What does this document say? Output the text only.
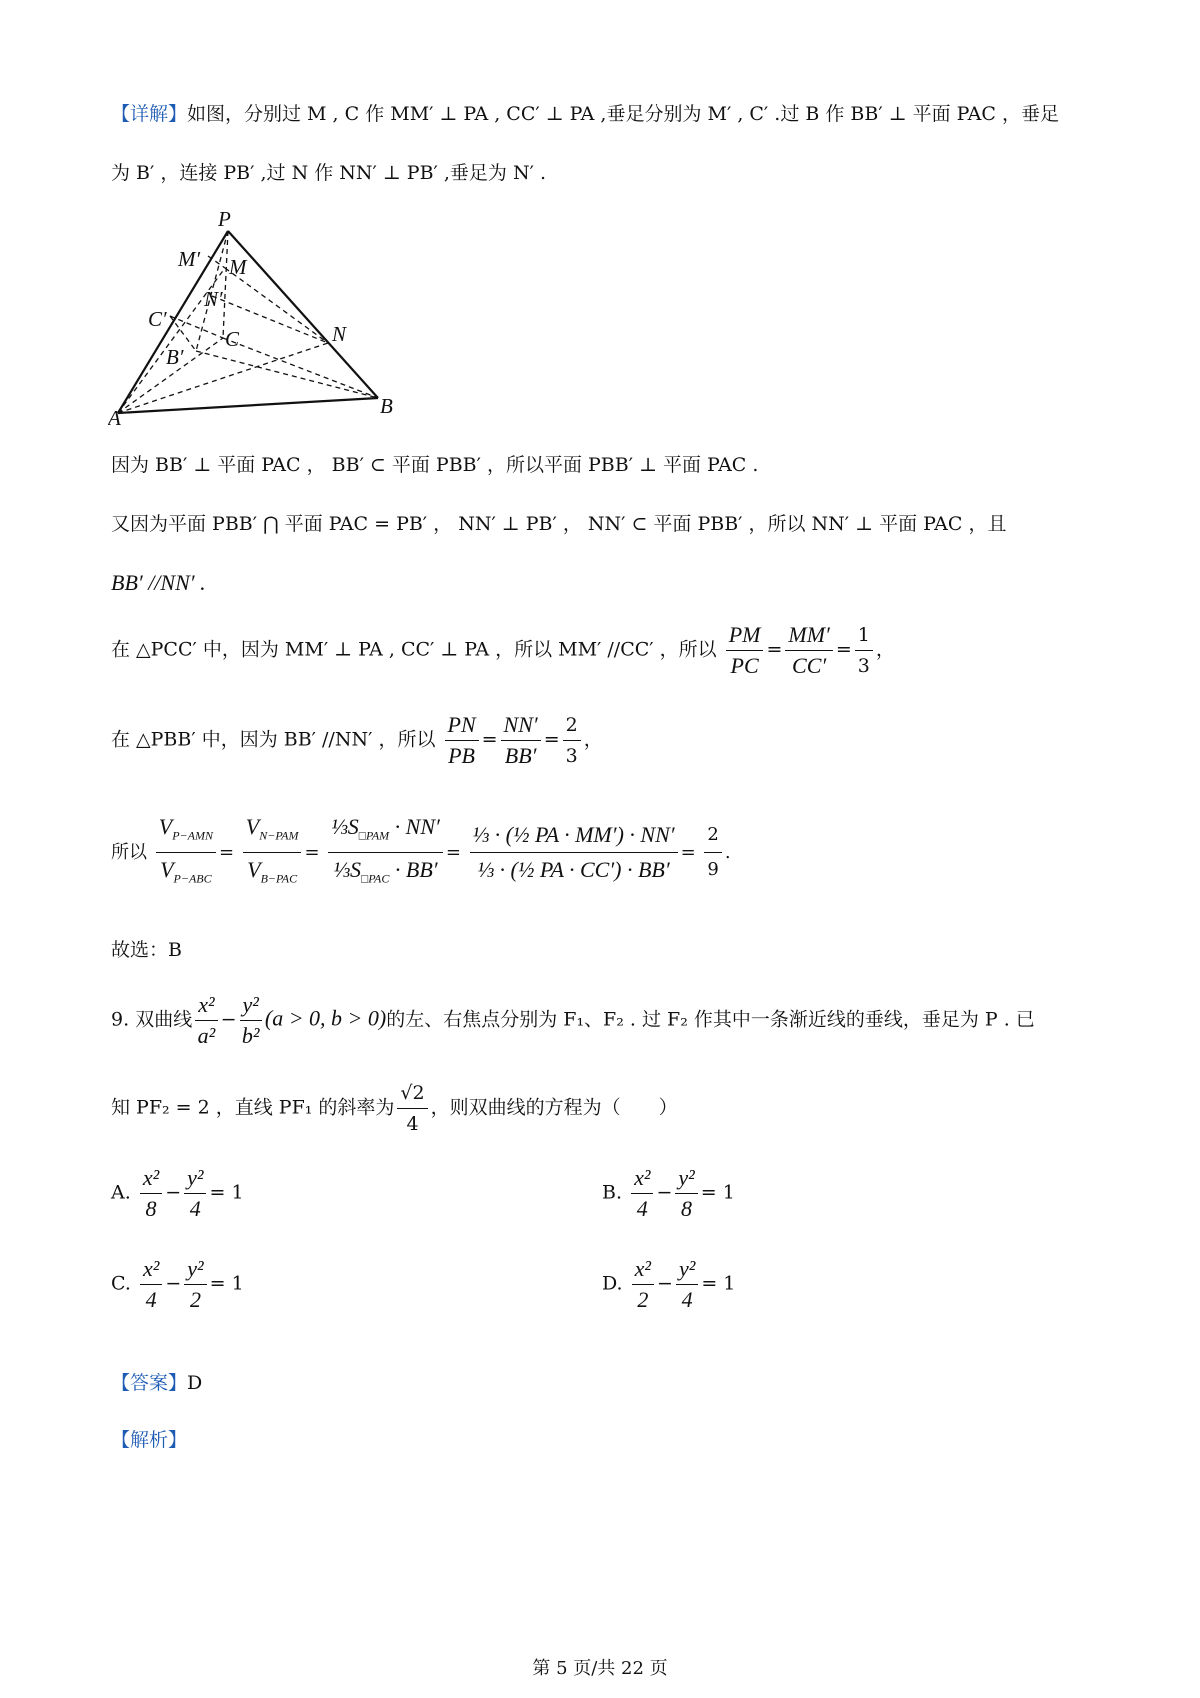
【详解】如图，分别过 M , C 作 MM′ ⊥ PA , CC′ ⊥ PA ,垂足分别为 M′ , C′ .过 B 作 BB′ ⊥ 平面 PAC ，垂足
为 B′ ，连接 PB′ ,过 N 作 NN′ ⊥ PB′ ,垂足为 N′ .
P
M′ M
N′
C′
C	N
B′
A	B
因为 BB′ ⊥ 平面 PAC ， BB′ ⊂ 平面 PBB′ ，所以平面 PBB′ ⊥ 平面 PAC .
又因为平面 PBB′ ⋂ 平面 PAC = PB′ ， NN′ ⊥ PB′ ， NN′ ⊂ 平面 PBB′ ，所以 NN′ ⊥ 平面 PAC ，且
BB′ //NN′ .
在 △PCC′ 中，因为 MM′ ⊥ PA , CC′ ⊥ PA ，所以 MM′ //CC′ ，所以 $\frac{PM}{PC} = \frac{MM'}{CC'} = \frac{1}{3}$ ，
在 △PBB′ 中，因为 BB′ //NN′ ，所以 $\frac{PN}{PB} = \frac{NN'}{BB'} = \frac{2}{3}$ ，
所以 $\frac{V_{P-AMN}}{V_{P-ABC}} = \frac{V_{N-PAM}}{V_{B-PAC}} = \frac{\frac{1}{3}S_{□PAM} \cdot NN'}{\frac{1}{3}S_{□PAC} \cdot BB'} = \frac{\text{⅓ · (½ PA · MM′) · NN′}}{\text{⅓ · (½ PA · CC′) · BB′}} = \frac{2}{9}$ .
故选：B
9. 双曲线 $\frac{\text{x²}}{\text{a²}} - \frac{\text{y²}}{\text{b²}} (a > 0$, b > 0)的左、右焦点分别为 F₁、F₂ . 过 F₂ 作其中一条渐近线的垂线，垂足为 P . 已
知 PF₂ = 2 ，直线 PF₁ 的斜率为 $\frac{√2}{4}$ ，则双曲线的方程为（　　）
A. $\frac{\text{x²}}{8} - \frac{\text{y²}}{4} = 1$	B. $\frac{\text{x²}}{4} - \frac{\text{y²}}{8} = 1$
C. $\frac{\text{x²}}{4} - \frac{\text{y²}}{2} = 1$	D. $\frac{\text{x²}}{2} - \frac{\text{y²}}{4} = 1$
【答案】D
【解析】
第 5 页/共 22 页
